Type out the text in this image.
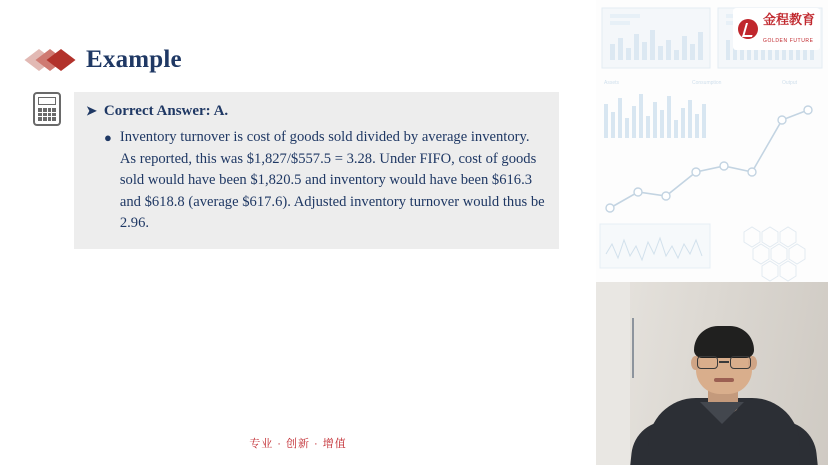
Example
➤ Correct Answer: A.
● Inventory turnover is cost of goods sold divided by average inventory. As reported, this was $1,827/$557.5 = 3.28. Under FIFO, cost of goods sold would have been $1,820.5 and inventory would have been $616.3 and $618.8 (average $617.6). Adjusted inventory turnover would thus be 2.96.
专业 · 创新 · 增值
Assets	Consumption	Output
金程教育
GOLDEN FUTURE
